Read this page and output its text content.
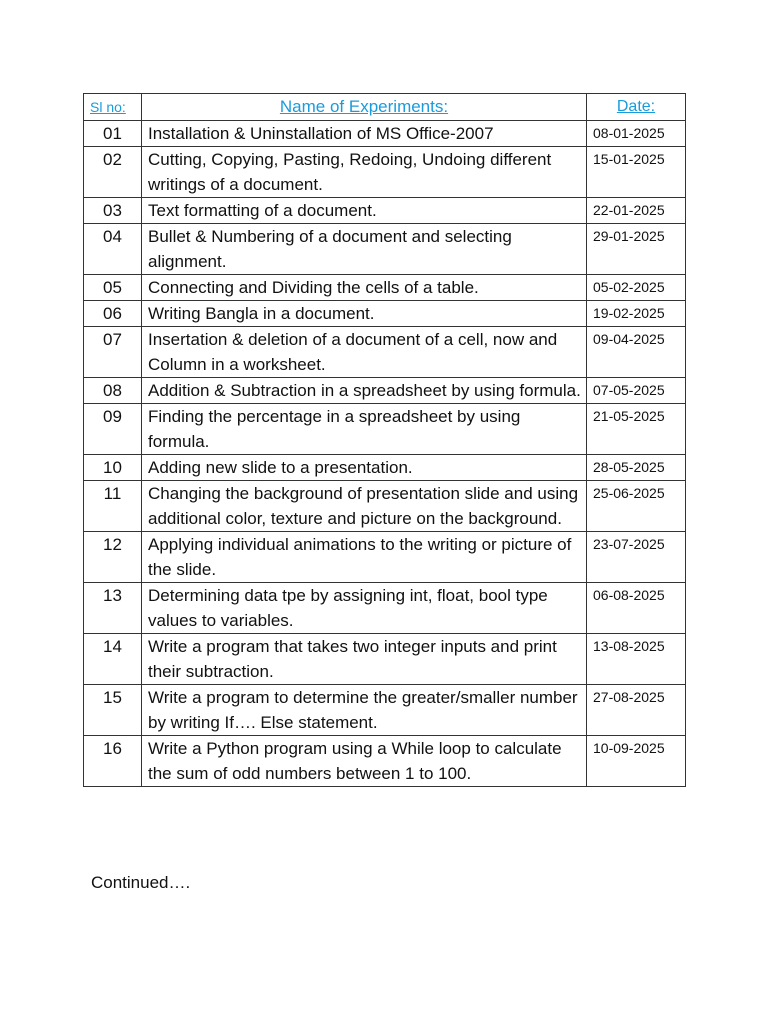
Sl no:	Name of Experiments:	Date:
01	Installation & Uninstallation of MS Office-2007	08-01-2025
02	Cutting, Copying, Pasting, Redoing, Undoing different writings of a document.	15-01-2025
03	Text formatting of a document.	22-01-2025
04	Bullet & Numbering of a document and selecting alignment.	29-01-2025
05	Connecting and Dividing the cells of a table.	05-02-2025
06	Writing Bangla in a document.	19-02-2025
07	Insertation & deletion of a document of a cell, now and Column in a worksheet.	09-04-2025
08	Addition & Subtraction in a spreadsheet by using formula.	07-05-2025
09	Finding the percentage in a spreadsheet by using formula.	21-05-2025
10	Adding new slide to a presentation.	28-05-2025
11	Changing the background of presentation slide and using additional color, texture and picture on the background.	25-06-2025
12	Applying individual animations to the writing or picture of the slide.	23-07-2025
13	Determining data tpe by assigning int, float, bool type values to variables.	06-08-2025
14	Write a program that takes two integer inputs and print their subtraction.	13-08-2025
15	Write a program to determine the greater/smaller number by writing If…. Else statement.	27-08-2025
16	Write a Python program using a While loop to calculate the sum of odd numbers between 1 to 100.	10-09-2025
Continued….
